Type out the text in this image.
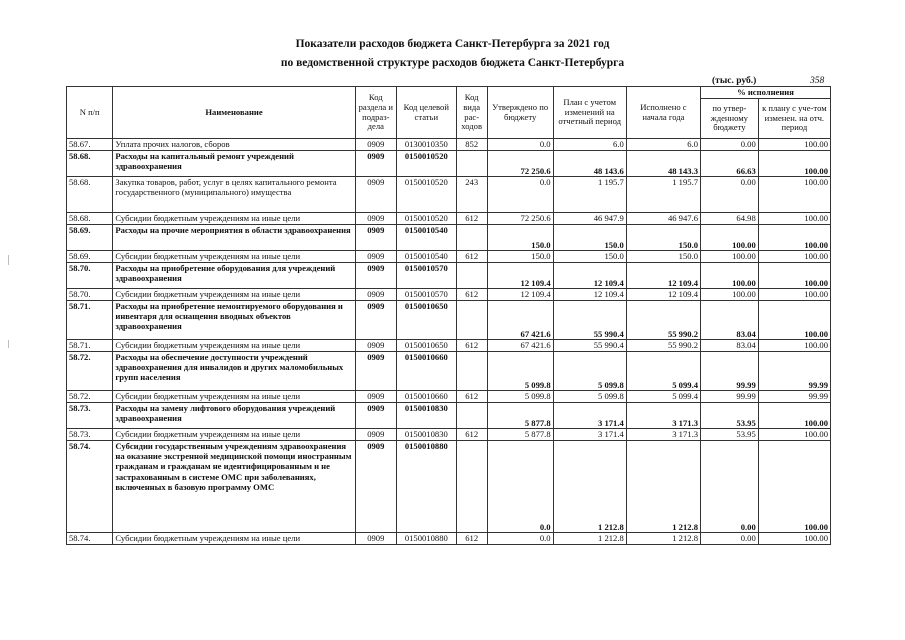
Показатели расходов бюджета Санкт-Петербурга за 2021 год
по ведомственной структуре расходов бюджета Санкт-Петербурга
(тыс. руб.)	358
N п/п	Наименование	Код раздела и подраз-дела	Код целевой статьи	Код вида рас-ходов	Утверждено по бюджету	План с учетом изменений на отчетный период	Исполнено с начала года	% исполнения	
								по утвер-жденному бюджету	к плану с уче-том изменен. на отч. период
58.67.	Уплата прочих налогов, сборов	0909	0130010350	852	0.0	6.0	6.0	0.00	100.00
58.68.	Расходы на капитальный ремонт учреждений здравоохранения	0909	0150010520		72 250.6	48 143.6	48 143.3	66.63	100.00
58.68.	Закупка товаров, работ, услуг в целях капитального ремонта государственного (муниципального) имущества	0909	0150010520	243	0.0	1 195.7	1 195.7	0.00	100.00
58.68.	Субсидии бюджетным учреждениям на иные цели	0909	0150010520	612	72 250.6	46 947.9	46 947.6	64.98	100.00
58.69.	Расходы на прочие мероприятия в области здравоохранения	0909	0150010540		150.0	150.0	150.0	100.00	100.00
58.69.	Субсидии бюджетным учреждениям на иные цели	0909	0150010540	612	150.0	150.0	150.0	100.00	100.00
58.70.	Расходы на приобретение оборудования для учреждений здравоохранения	0909	0150010570		12 109.4	12 109.4	12 109.4	100.00	100.00
58.70.	Субсидии бюджетным учреждениям на иные цели	0909	0150010570	612	12 109.4	12 109.4	12 109.4	100.00	100.00
58.71.	Расходы на приобретение немонтируемого оборудования и инвентаря для оснащения вводных объектов здравоохранения	0909	0150010650		67 421.6	55 990.4	55 990.2	83.04	100.00
58.71.	Субсидии бюджетным учреждениям на иные цели	0909	0150010650	612	67 421.6	55 990.4	55 990.2	83.04	100.00
58.72.	Расходы на обеспечение доступности учреждений здравоохранения для инвалидов и других маломобильных групп населения	0909	0150010660		5 099.8	5 099.8	5 099.4	99.99	99.99
58.72.	Субсидии бюджетным учреждениям на иные цели	0909	0150010660	612	5 099.8	5 099.8	5 099.4	99.99	99.99
58.73.	Расходы на замену лифтового оборудования учреждений здравоохранения	0909	0150010830		5 877.8	3 171.4	3 171.3	53.95	100.00
58.73.	Субсидии бюджетным учреждениям на иные цели	0909	0150010830	612	5 877.8	3 171.4	3 171.3	53.95	100.00
58.74.	Субсидии государственным учреждениям здравоохранения на оказание экстренной медицинской помощи иностранным гражданам и гражданам не идентифицированным и не застрахованным в системе ОМС при заболеваниях, включенных в базовую программу ОМС	0909	0150010880		0.0	1 212.8	1 212.8	0.00	100.00
58.74.	Субсидии бюджетным учреждениям на иные цели	0909	0150010880	612	0.0	1 212.8	1 212.8	0.00	100.00
